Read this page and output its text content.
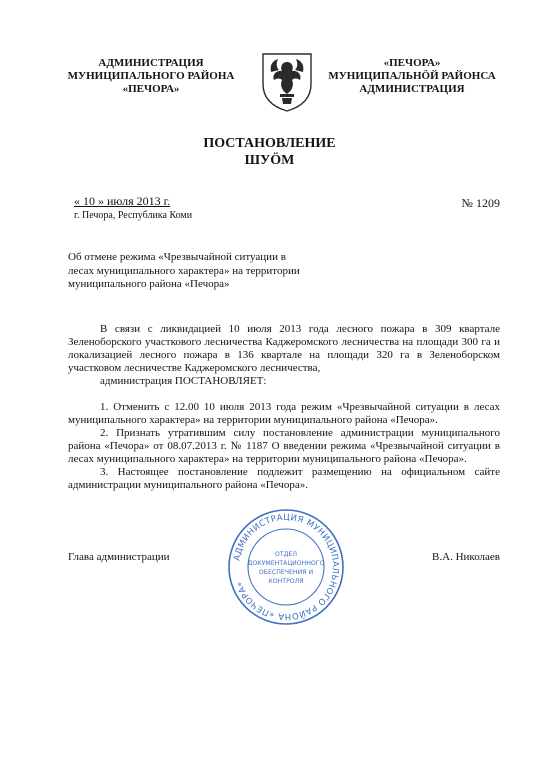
АДМИНИСТРАЦИЯ
МУНИЦИПАЛЬНОГО РАЙОНА
«ПЕЧОРА»
«ПЕЧОРА»
МУНИЦИПАЛЬНÖЙ РАЙОНСА
АДМИНИСТРАЦИЯ
ПОСТАНОВЛЕНИЕ
ШУÖМ
« 10 » июля 2013 г.
г. Печора, Республика Коми
№ 1209
Об отмене режима «Чрезвычайной ситуации в
лесах муниципального характера» на территории
муниципального района «Печора»
В связи с ликвидацией 10 июля 2013 года лесного пожара в 309 квартале Зеленоборского участкового лесничества Каджеромского лесничества на площади 300 га и локализацией лесного пожара в 136 квартале на площади 320 га в Зеленоборском участковом лесничестве Каджеромского лесничества,
администрация ПОСТАНОВЛЯЕТ:
1. Отменить с 12.00 10 июля 2013 года режим «Чрезвычайной ситуации в лесах муниципального характера» на территории муниципального района «Печора».
2. Признать утратившим силу постановление администрации муниципального района «Печора» от 08.07.2013 г. № 1187 О введении режима «Чрезвычайной ситуации в лесах муниципального характера» на территории муниципального района «Печора».
3. Настоящее постановление подлежит размещению на официальном сайте администрации муниципального района «Печора».
АДМИНИСТРАЦИЯ МУНИЦИПАЛЬНОГО РАЙОНА «ПЕЧОРА»
ОТДЕЛ
ДОКУМЕНТАЦИОННОГО
ОБЕСПЕЧЕНИЯ И
КОНТРОЛЯ
Глава администрации	В.А. Николаев
